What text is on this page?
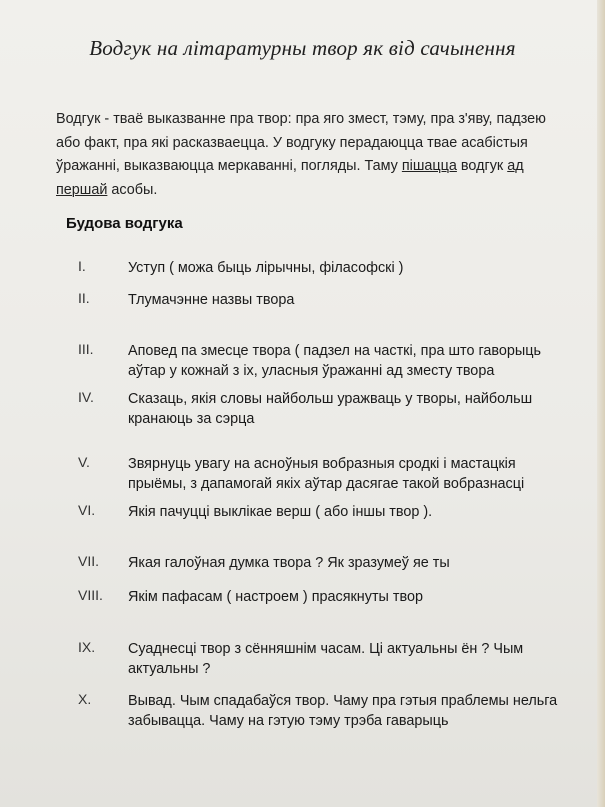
Водгук на літаратурны твор як від сачынення
Водгук - тваё выказванне пра твор: пра яго змест, тэму, пра з'яву, падзею або факт, пра які расказваецца. У водгуку перадаюцца твае асабістыя ўражанні, выказваюцца меркаванні, погляды. Таму пішацца водгук ад першай асобы.
Будова водгука
I.	Уступ ( можа быць лірычны, філасофскі )
II.	Тлумачэнне назвы твора
III.	Аповед па змесце твора ( падзел на часткі, пра што гаворыць аўтар у кожнай з іх, уласныя ўражанні ад зместу твора
IV.	Сказаць, якія словы найбольш уражваць у творы, найбольш кранаюць за сэрца
V.	Звярнуць увагу на асноўныя вобразныя сродкі і мастацкія прыёмы, з дапамогай якіх аўтар дасягае такой вобразнасці
VI.	Якія пачуцці выклікае верш ( або іншы твор ).
VII.	Якая галоўная думка твора ? Як зразумеў яе ты
VIII.	Якім пафасам ( настроем ) прасякнуты твор
IX.	Суаднесці твор з сённяшнім часам. Ці актуальны ён ? Чым актуальны ?
X.	Вывад. Чым спадабаўся твор. Чаму пра гэтыя праблемы нельга забывацца. Чаму на гэтую тэму трэба гаварыць
